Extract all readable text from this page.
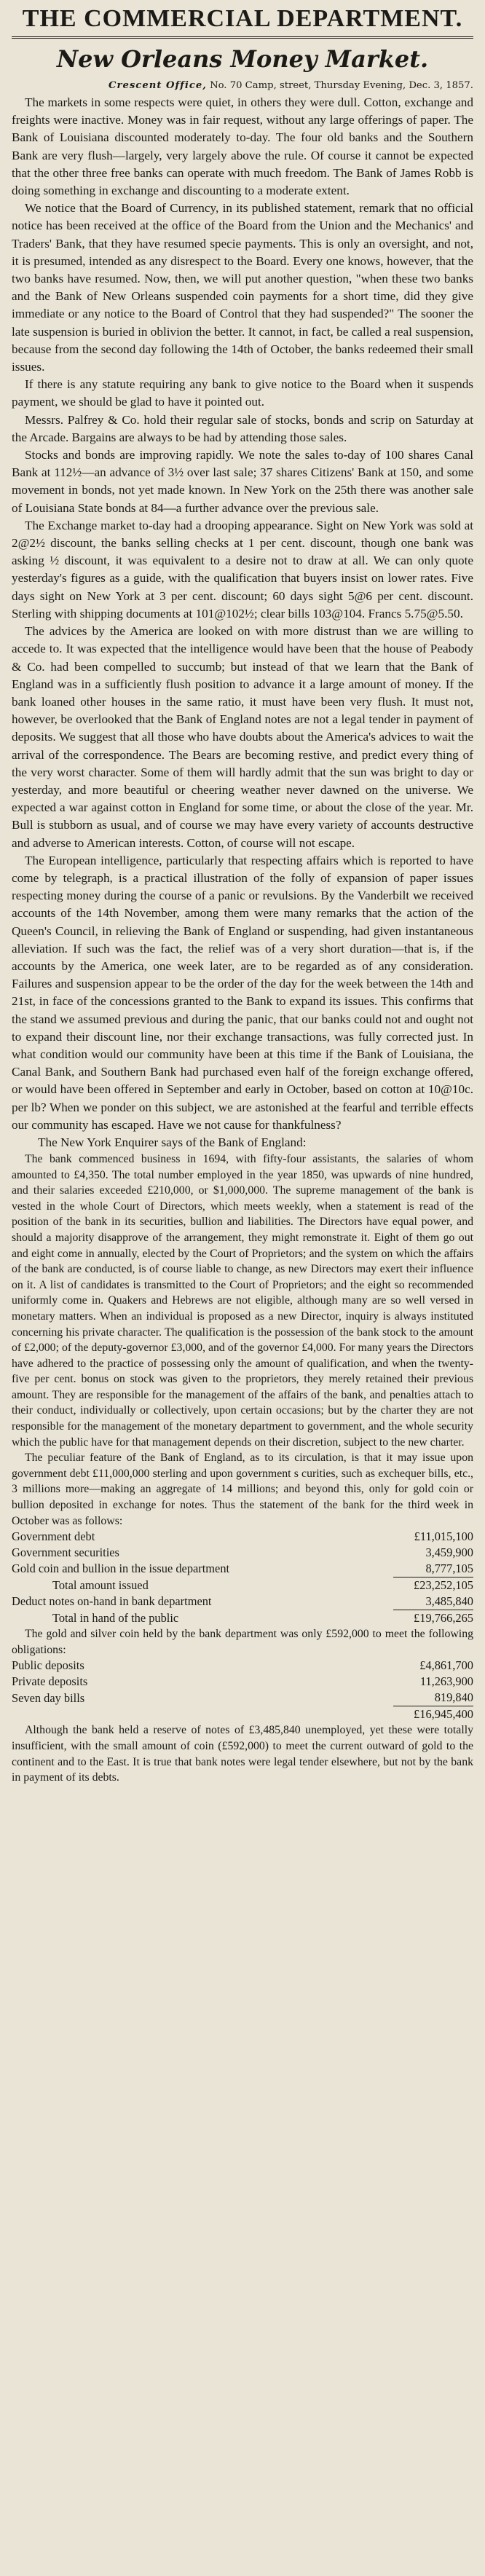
THE COMMERCIAL DEPARTMENT.
New Orleans Money Market.

Crescent Office, No. 70 Camp, street, Thursday Evening, Dec. 3, 1857.

The markets in some respects were quiet, in others they were dull. Cotton, exchange and freights were inactive. Money was in fair request, without any large offerings of paper. The Bank of Louisiana discounted moderately to-day. The four old banks and the Southern Bank are very flush—largely, very largely above the rule. Of course it cannot be expected that the other three free banks can operate with much freedom. The Bank of James Robb is doing something in exchange and discounting to a moderate extent.

We notice that the Board of Currency, in its published statement, remark that no official notice has been received at the office of the Board from the Union and the Mechanics' and Traders' Bank, that they have resumed specie payments. This is only an oversight, and not, it is presumed, intended as any disrespect to the Board. Every one knows, however, that the two banks have resumed. Now, then, we will put another question, "when these two banks and the Bank of New Orleans suspended coin payments for a short time, did they give immediate or any notice to the Board of Control that they had suspended?" The sooner the late suspension is buried in oblivion the better. It cannot, in fact, be called a real suspension, because from the second day following the 14th of October, the banks redeemed their small issues.

If there is any statute requiring any bank to give notice to the Board when it suspends payment, we should be glad to have it pointed out.

Messrs. Palfrey & Co. hold their regular sale of stocks, bonds and scrip on Saturday at the Arcade. Bargains are always to be had by attending those sales.

Stocks and bonds are improving rapidly. We note the sales to-day of 100 shares Canal Bank at 112½—an advance of 3½ over last sale; 37 shares Citizens' Bank at 150, and some movement in bonds, not yet made known. In New York on the 25th there was another sale of Louisiana State bonds at 84—a further advance over the previous sale.

The Exchange market to-day had a drooping appearance. Sight on New York was sold at 2@2½ discount, the banks selling checks at 1 per cent. discount, though one bank was asking ½ discount, it was equivalent to a desire not to draw at all. We can only quote yesterday's figures as a guide, with the qualification that buyers insist on lower rates. Five days sight on New York at 3 per cent. discount; 60 days sight 5@6 per cent. discount. Sterling with shipping documents at 101@102½; clear bills 103@104. Francs 5.75@5.50.

The advices by the America are looked on with more distrust than we are willing to accede to. It was expected that the intelligence would have been that the house of Peabody & Co. had been compelled to succumb; but instead of that we learn that the Bank of England was in a sufficiently flush position to advance it a large amount of money. If the bank loaned other houses in the same ratio, it must have been very flush. It must not, however, be overlooked that the Bank of England notes are not a legal tender in payment of deposits. We suggest that all those who have doubts about the America's advices to wait the arrival of the correspondence. The Bears are becoming restive, and predict every thing of the very worst character. Some of them will hardly admit that the sun was bright to day or yesterday, and more beautiful or cheering weather never dawned on the universe. We expected a war against cotton in England for some time, or about the close of the year. Mr. Bull is stubborn as usual, and of course we may have every variety of accounts destructive and adverse to American interests. Cotton, of course will not escape.

The European intelligence, particularly that respecting affairs which is reported to have come by telegraph, is a practical illustration of the folly of expansion of paper issues respecting money during the course of a panic or revulsions. By the Vanderbilt we received accounts of the 14th November, among them were many remarks that the action of the Queen's Council, in relieving the Bank of England or suspending, had given instantaneous alleviation. If such was the fact, the relief was of a very short duration—that is, if the accounts by the America, one week later, are to be regarded as of any consideration. Failures and suspension appear to be the order of the day for the week between the 14th and 21st, in face of the concessions granted to the Bank to expand its issues. This confirms that the stand we assumed previous and during the panic, that our banks could not and ought not to expand their discount line, nor their exchange transactions, was fully corrected just. In what condition would our community have been at this time if the Bank of Louisiana, the Canal Bank, and Southern Bank had purchased even half of the foreign exchange offered, or would have been offered in September and early in October, based on cotton at 10@10c. per lb? When we ponder on this subject, we are astonished at the fearful and terrible effects our community has escaped. Have we not cause for thankfulness?

The New York Enquirer says of the Bank of England:

The bank commenced business in 1694, with fifty-four assistants, the salaries of whom amounted to £4,350. The total number employed in the year 1850, was upwards of nine hundred, and their salaries exceeded £210,000, or $1,000,000. The supreme management of the bank is vested in the whole Court of Directors, which meets weekly, when a statement is read of the position of the bank in its securities, bullion and liabilities. The Directors have equal power, and should a majority disapprove of the arrangement, they might remonstrate it. Eight of them go out and eight come in annually, elected by the Court of Proprietors; and the system on which the affairs of the bank are conducted, is of course liable to change, as new Directors may exert their influence on it. A list of candidates is transmitted to the Court of Proprietors; and the eight so recommended uniformly come in. Quakers and Hebrews are not eligible, although many are so well versed in monetary matters. When an individual is proposed as a new Director, inquiry is always instituted concerning his private character. The qualification is the possession of the bank stock to the amount of £2,000; of the deputy-governor £3,000, and of the governor £4,000. For many years the Directors have adhered to the practice of possessing only the amount of qualification, and when the twenty-five per cent. bonus on stock was given to the proprietors, they merely retained their previous amount. They are responsible for the management of the affairs of the bank, and penalties attach to their conduct, individually or collectively, upon certain occasions; but by the charter they are not responsible for the management of the monetary department to government, and the whole security which the public have for that management depends on their discretion, subject to the new charter.

The peculiar feature of the Bank of England, as to its circulation, is that it may issue upon government debt £11,000,000 sterling and upon government s curities, such as exchequer bills, etc., 3 millions more—making an aggregate of 14 millions; and beyond this, only for gold coin or bullion deposited in exchange for notes. Thus the statement of the bank for the third week in October was as follows:

Government debt	£11,015,100
Government securities	3,459,900
Gold coin and bullion in the issue department	8,777,105
Total amount issued	£23,252,105
Deduct notes on-hand in bank department	3,485,840
Total in hand of the public	£19,766,265

The gold and silver coin held by the bank department was only £592,000 to meet the following obligations:

Public deposits	£4,861,700
Private deposits	11,263,900
Seven day bills	819,840
	£16,945,400

Although the bank held a reserve of notes of £3,485,840 unemployed, yet these were totally insufficient, with the small amount of coin (£592,000) to meet the current outward of gold to the continent and to the East. It is true that bank notes were legal tender elsewhere, but not by the bank in payment of its debts.
